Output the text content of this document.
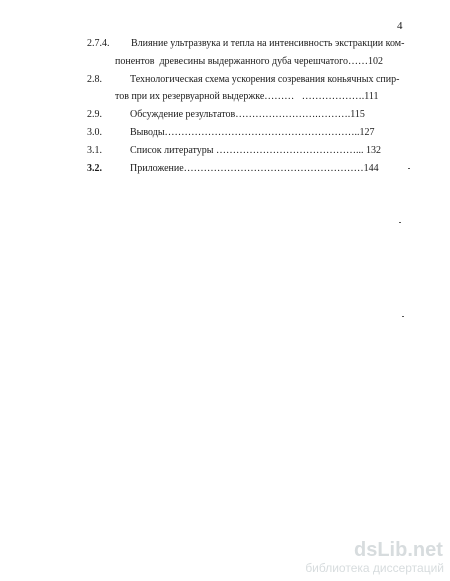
4

2.7.4.

Влияние ультразвука и тепла на интенсивность экстракции ком-

понентов  древесины выдержанного дуба черешчатого……102

2.8.

	Технологическая схема ускорения созревания коньячных спир-

тов при их резервуарной выдержке………   ……………….111

2.9.

	Обсуждение результатов…………………….……….115

3.0.

	Выводы…………………………………………………..127

3.1.

	Список литературы ……………………………………... 132

3.2.

	Приложение………………………………………………144

dsLib.net
библиотека диссертаций
